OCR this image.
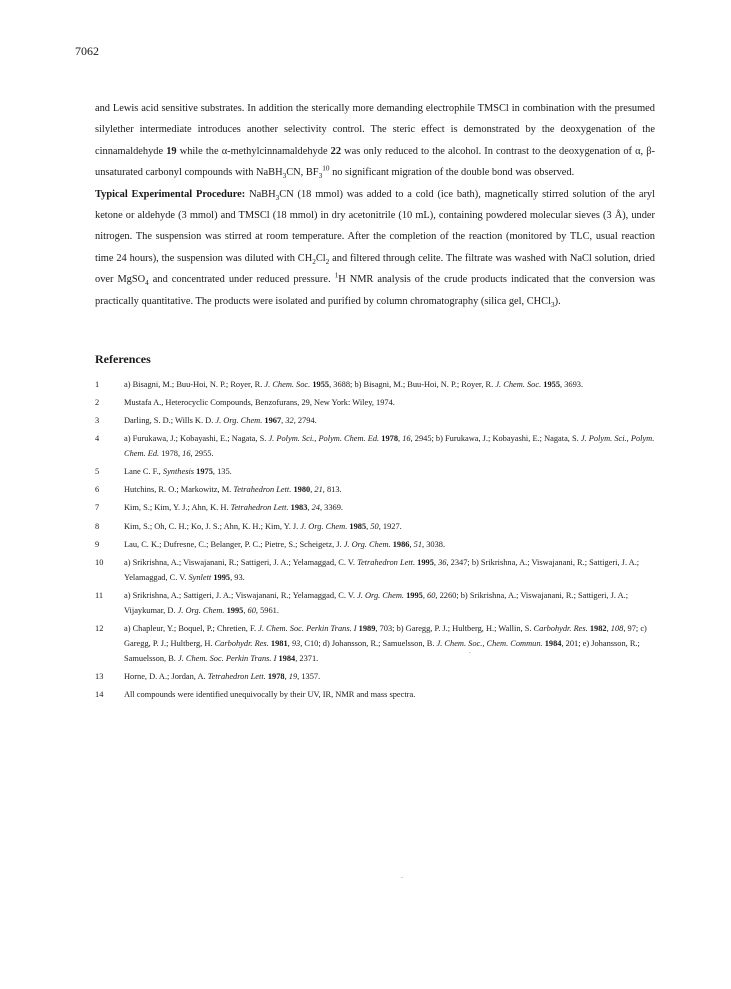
7062

and Lewis acid sensitive substrates. In addition the sterically more demanding electrophile TMSCl in combination with the presumed silylether intermediate introduces another selectivity control. The steric effect is demonstrated by the deoxygenation of the cinnamaldehyde 19 while the α-methylcinnamaldehyde 22 was only reduced to the alcohol. In contrast to the deoxygenation of α, β-unsaturated carbonyl compounds with NaBH$_3$CN, $BF_3^{10}$ no significant migration of the double bond was observed.

Typical Experimental Procedure: NaBH$_3$CN (18 mmol) was added to a cold (ice bath), magnetically stirred solution of the aryl ketone or aldehyde (3 mmol) and TMSCl (18 mmol) in dry acetonitrile (10 mL), containing powdered molecular sieves (3 Å), under nitrogen. The suspension was stirred at room temperature. After the completion of the reaction (monitored by TLC, usual reaction time 24 hours), the suspension was diluted with $CH_2Cl_2$ and filtered through celite. The filtrate was washed with NaCl solution, dried over MgSO$_4$ and concentrated under reduced pressure. $^1$H NMR analysis of the crude products indicated that the conversion was practically quantitative. The products were isolated and purified by column chromatography (silica gel, CHCl$_3$).

References
1	a) Bisagni, M.; Buu-Hoi, N. P.; Royer, R. J. Chem. Soc. 1955, 3688; b) Bisagni, M.; Buu-Hoi, N. P.; Royer, R. J. Chem. Soc. 1955, 3693.
2	Mustafa A., Heterocyclic Compounds, Benzofurans, 29, New York: Wiley, 1974.
3	Darling, S. D.; Wills K. D. J. Org. Chem. 1967, 32, 2794.
4	a) Furukawa, J.; Kobayashi, E.; Nagata, S. J. Polym. Sci., Polym. Chem. Ed. 1978, 16, 2945; b) Furukawa, J.; Kobayashi, E.; Nagata, S. J. Polym. Sci., Polym. Chem. Ed. 1978, 16, 2955.
5	Lane C. F., Synthesis 1975, 135.
6	Hutchins, R. O.; Markowitz, M. Tetrahedron Lett. 1980, 21, 813.
7	Kim, S.; Kim, Y. J.; Ahn, K. H. Tetrahedron Lett. 1983, 24, 3369.
8	Kim, S.; Oh, C. H.; Ko, J. S.; Ahn, K. H.; Kim, Y. J. J. Org. Chem. 1985, 50, 1927.
9	Lau, C. K.; Dufresne, C.; Belanger, P. C.; Pietre, S.; Scheigetz, J. J. Org. Chem. 1986, 51, 3038.
10	a) Srikrishna, A.; Viswajanani, R.; Sattigeri, J. A.; Yelamaggad, C. V. Tetrahedron Lett. 1995, 36, 2347; b) Srikrishna, A.; Viswajanani, R.; Sattigeri, J. A.; Yelamaggad, C. V. Synlett 1995, 93.
11	a) Srikrishna, A.; Sattigeri, J. A.; Viswajanani, R.; Yelamaggad, C. V. J. Org. Chem. 1995, 60, 2260; b) Srikrishna, A.; Viswajanani, R.; Sattigeri, J. A.; Vijaykumar, D. J. Org. Chem. 1995, 60, 5961.
12	a) Chapleur, Y.; Boquel, P.; Chretien, F. J. Chem. Soc. Perkin Trans. I 1989, 703; b) Garegg, P. J.; Hultberg, H.; Wallin, S. Carbohydr. Res. 1982, 108, 97; c) Garegg, P. J.; Hultberg, H. Carbohydr. Res. 1981, 93, C10; d) Johansson, R.; Samuelsson, B. J. Chem. Soc., Chem. Commun. 1984, 201; e) Johansson, R.; Samuelsson, B. J. Chem. Soc. Perkin Trans. I 1984, 2371.
13	Horne, D. A.; Jordan, A. Tetrahedron Lett. 1978, 19, 1357.
14	All compounds were identified unequivocally by their UV, IR, NMR and mass spectra.
